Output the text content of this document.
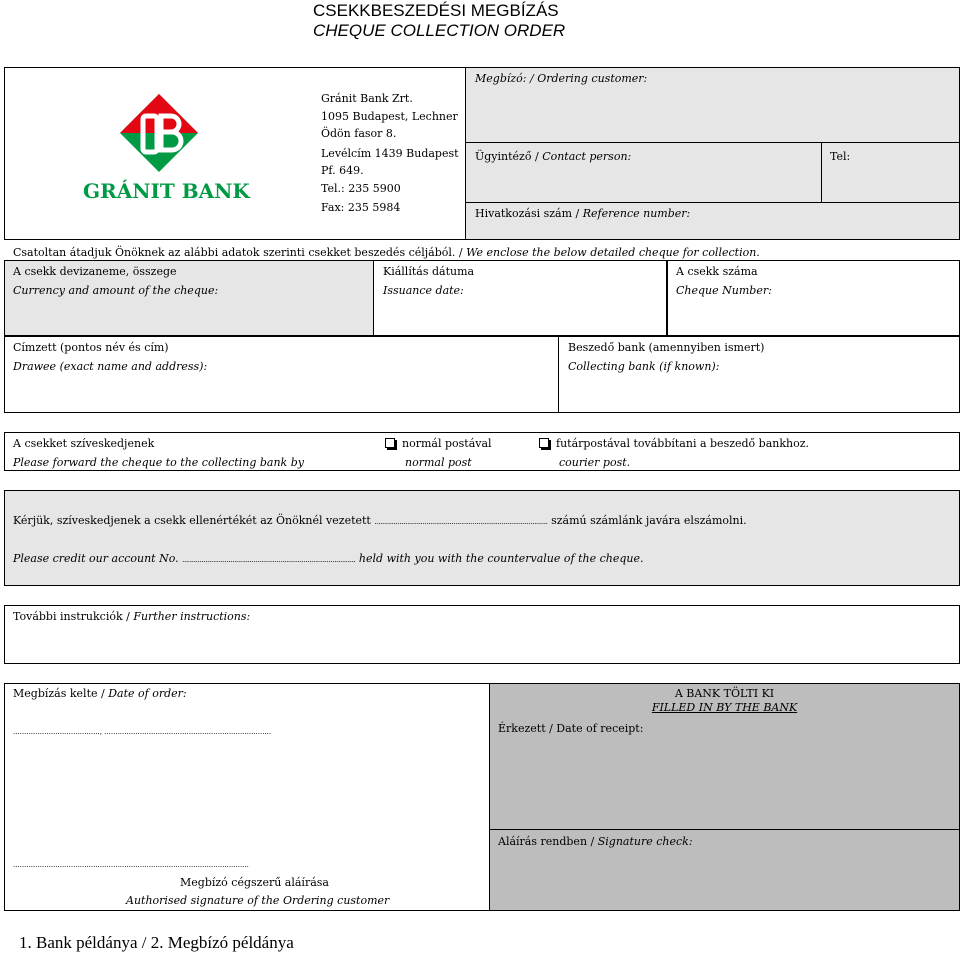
CSEKKBESZEDÉSI MEGBÍZÁS
CHEQUE COLLECTION ORDER
GRÁNIT BANK
Gránit Bank Zrt.
1095 Budapest, Lechner
Ödön fasor 8.
Levélcím 1439 Budapest
Pf. 649.
Tel.: 235 5900
Fax: 235 5984
Megbízó: / Ordering customer:
Ügyintéző / Contact person:	Tel:
Hivatkozási szám / Reference number:
Csatoltan átadjuk Önöknek az alábbi adatok szerinti csekket beszedés céljából. / We enclose the below detailed cheque for collection.
A csekk devizaneme, összege
Currency and amount of the cheque:
Kiállítás dátuma
Issuance date:
A csekk száma
Cheque Number:
Címzett (pontos név és cím)
Drawee (exact name and address):
Beszedő bank (amennyiben ismert)
Collecting bank (if known):
A csekket szíveskedjenek
Please forward the cheque to the collecting bank by
normál postával
normal post
futárpostával továbbítani a beszedő bankhoz.
courier post.
Kérjük, szíveskedjenek a csekk ellenértékét az Önöknél vezetett .......................................................................................... számú számlánk javára elszámolni.
Please credit our account No. .......................................................................................... held with you with the countervalue of the cheque.
További instrukciók / Further instructions:
Megbízás kelte / Date of order:
......................................., ...........................................................................
..........................................................................................................
Megbízó cégszerű aláírása
Authorised signature of the Ordering customer
A BANK TÖLTI KI
FILLED IN BY THE BANK
Érkezett / Date of receipt:
Aláírás rendben / Signature check:
1. Bank példánya / 2. Megbízó példánya
